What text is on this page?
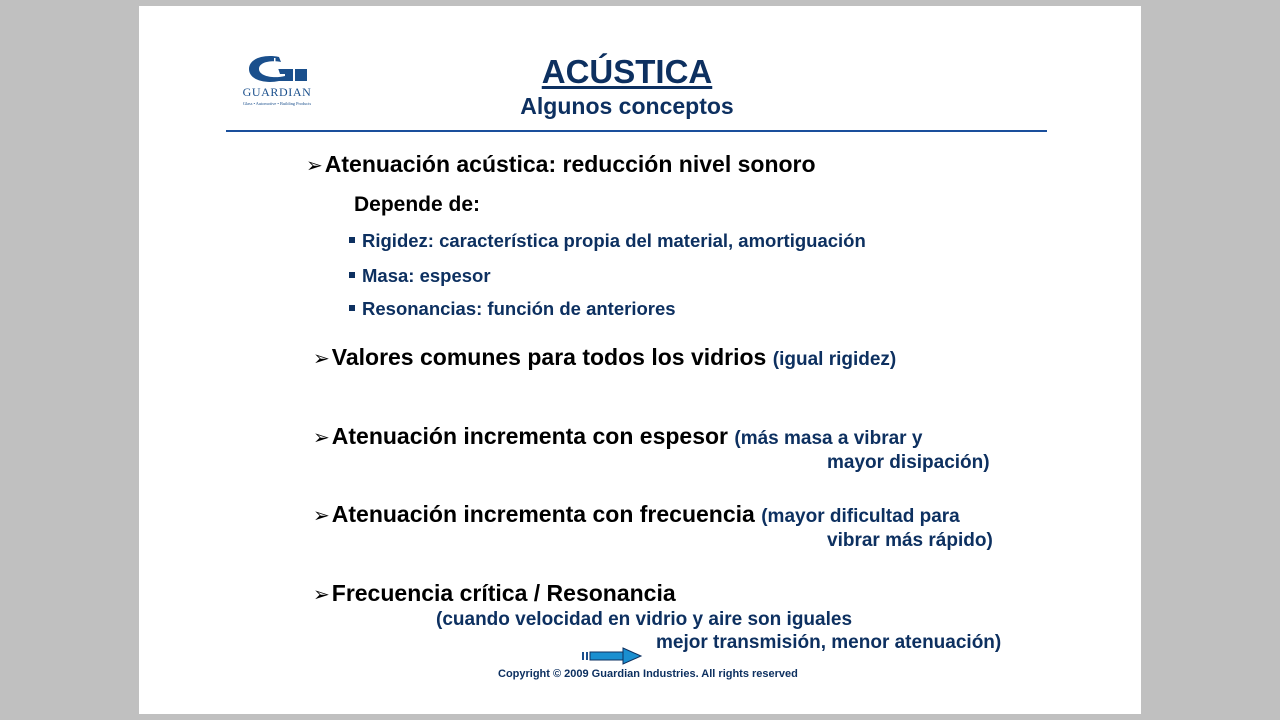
GUARDIAN
Glass • Automotive • Building Products
ACÚSTICA
Algunos conceptos
➢Atenuación acústica: reducción nivel sonoro
Depende de:
Rigidez: característica propia del material, amortiguación
Masa: espesor
Resonancias: función de anteriores
➢Valores comunes para todos los vidrios (igual rigidez)
➢Atenuación incrementa con espesor (más masa a vibrar y
mayor disipación)
➢Atenuación incrementa con frecuencia (mayor dificultad para
vibrar más rápido)
➢Frecuencia crítica / Resonancia
(cuando velocidad en vidrio y aire son iguales
mejor transmisión, menor atenuación)
Copyright © 2009 Guardian Industries. All rights reserved
